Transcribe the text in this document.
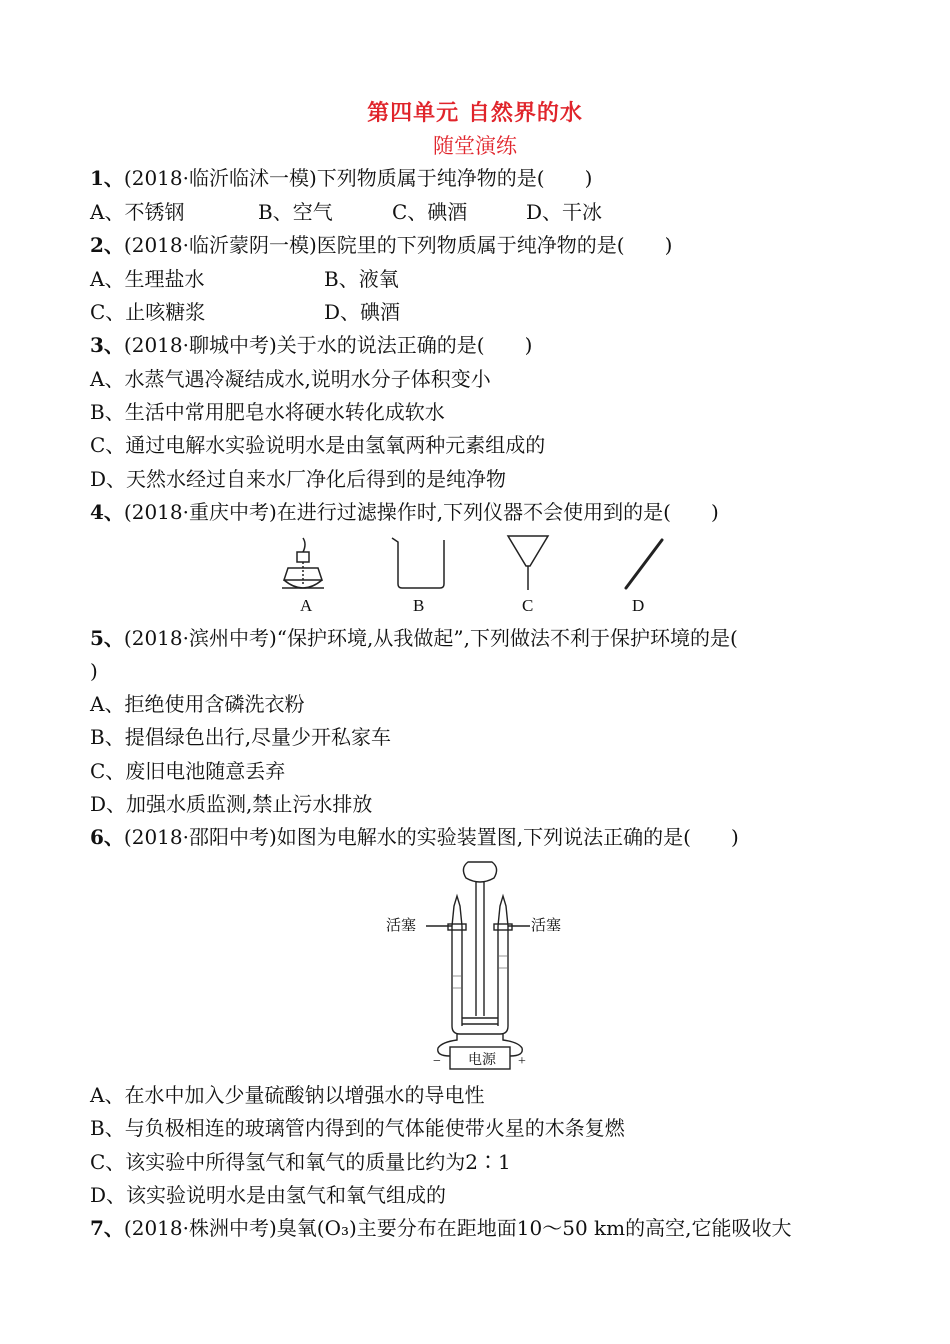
第四单元 自然界的水
随堂演练
1、(2018·临沂临沭一模)下列物质属于纯净物的是(　　)
A、不锈钢	B、空气	C、碘酒	D、干冰
2、(2018·临沂蒙阴一模)医院里的下列物质属于纯净物的是(　　)
A、生理盐水	B、液氧
C、止咳糖浆	D、碘酒
3、(2018·聊城中考)关于水的说法正确的是(　　)
A、水蒸气遇冷凝结成水,说明水分子体积变小
B、生活中常用肥皂水将硬水转化成软水
C、通过电解水实验说明水是由氢氧两种元素组成的
D、天然水经过自来水厂净化后得到的是纯净物
4、(2018·重庆中考)在进行过滤操作时,下列仪器不会使用到的是(　　)
A	B	C	D
5、(2018·滨州中考)“保护环境,从我做起”,下列做法不利于保护环境的是(
)
A、拒绝使用含磷洗衣粉
B、提倡绿色出行,尽量少开私家车
C、废旧电池随意丢弃
D、加强水质监测,禁止污水排放
6、(2018·邵阳中考)如图为电解水的实验装置图,下列说法正确的是(　　)
活塞	活塞
电源
−	+
A、在水中加入少量硫酸钠以增强水的导电性
B、与负极相连的玻璃管内得到的气体能使带火星的木条复燃
C、该实验中所得氢气和氧气的质量比约为2∶1
D、该实验说明水是由氢气和氧气组成的
7、(2018·株洲中考)臭氧(O₃)主要分布在距地面10～50 km的高空,它能吸收大
